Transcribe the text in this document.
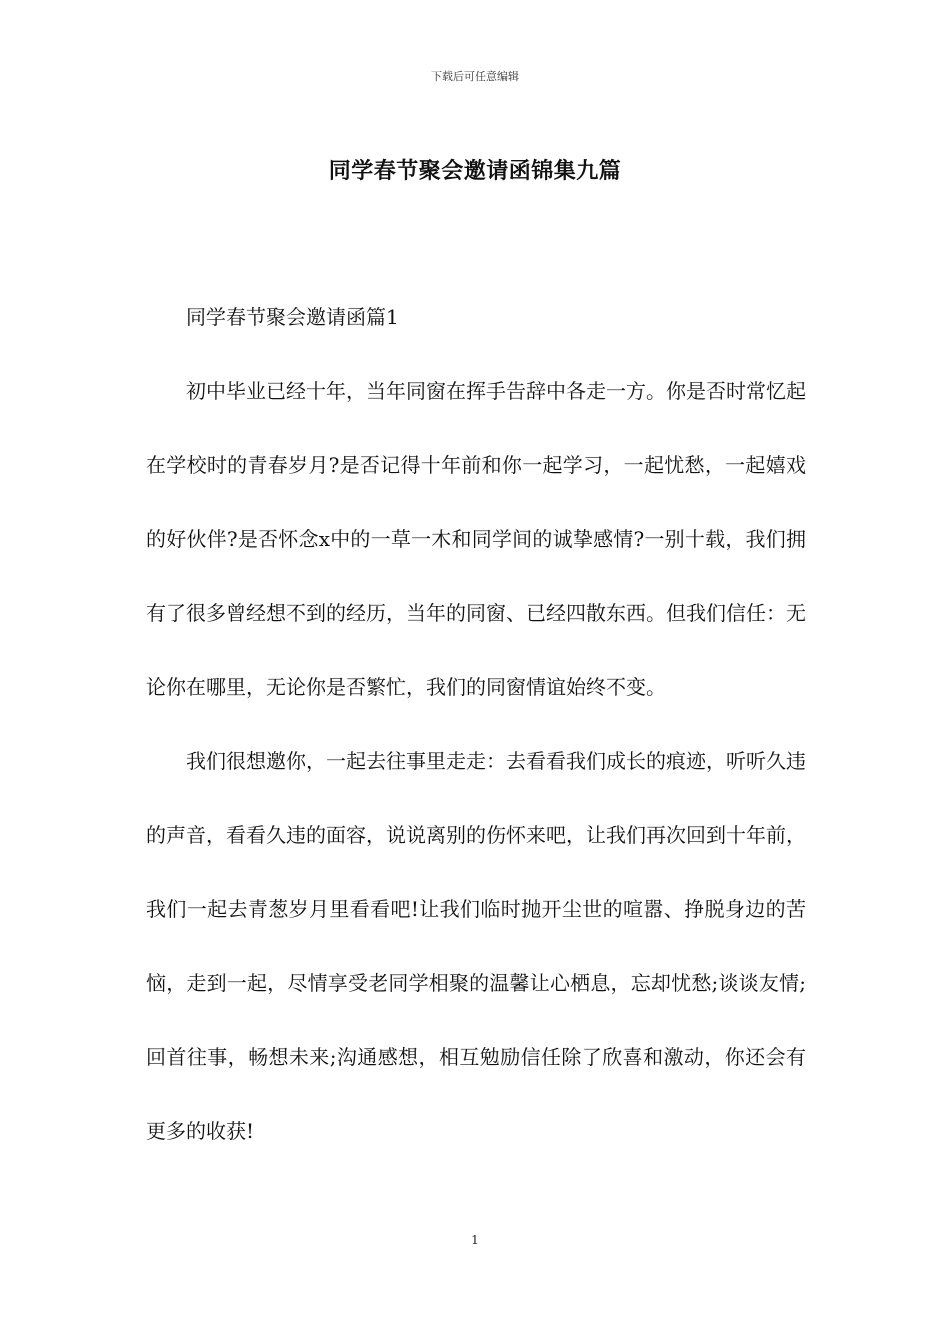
下载后可任意编辑
同学春节聚会邀请函锦集九篇

同学春节聚会邀请函篇1

初中毕业已经十年，当年同窗在挥手告辞中各走一方。你是否时常忆起在学校时的青春岁月?是否记得十年前和你一起学习，一起忧愁，一起嬉戏的好伙伴?是否怀念x中的一草一木和同学间的诚挚感情?一别十载，我们拥有了很多曾经想不到的经历，当年的同窗、已经四散东西。但我们信任：无论你在哪里，无论你是否繁忙，我们的同窗情谊始终不变。

我们很想邀你，一起去往事里走走：去看看我们成长的痕迹，听听久违的声音，看看久违的面容，说说离别的伤怀来吧，让我们再次回到十年前，我们一起去青葱岁月里看看吧!让我们临时抛开尘世的喧嚣、挣脱身边的苦恼，走到一起，尽情享受老同学相聚的温馨让心栖息，忘却忧愁;谈谈友情;回首往事，畅想未来;沟通感想，相互勉励信任除了欣喜和激动，你还会有更多的收获!

1
